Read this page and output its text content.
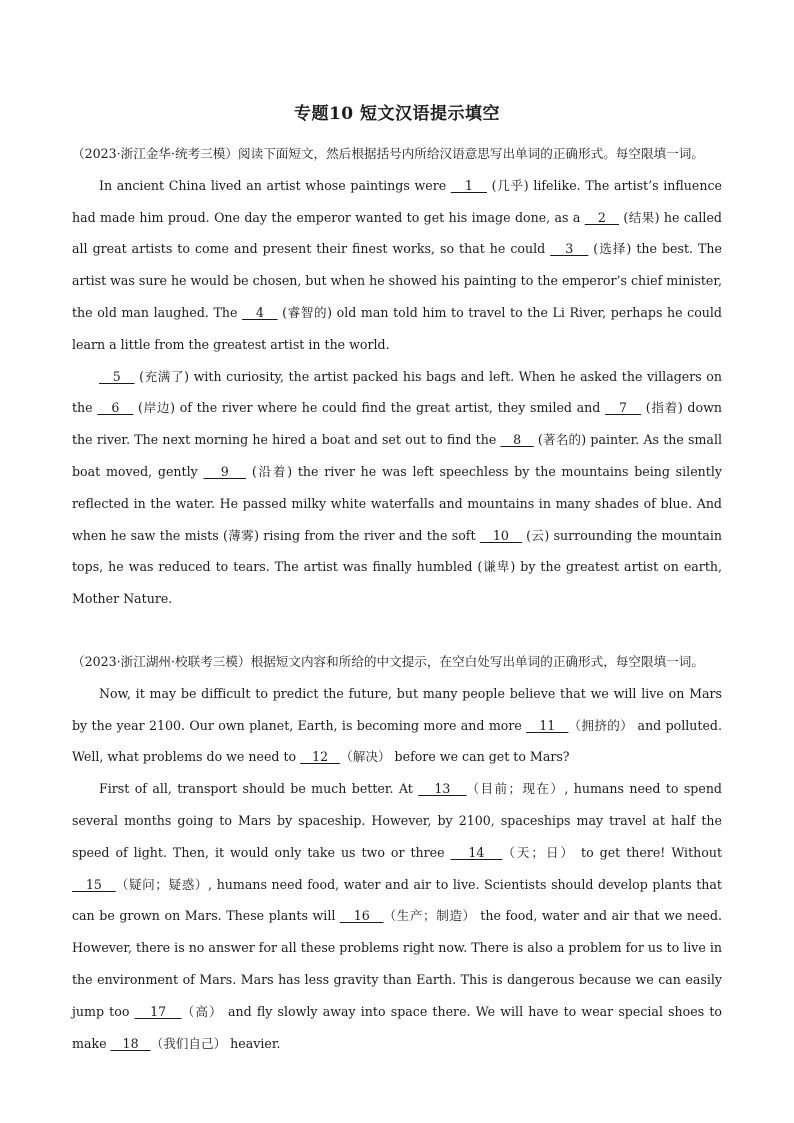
专题10 短文汉语提示填空

（2023·浙江金华·统考三模）阅读下面短文，然后根据括号内所给汉语意思写出单词的正确形式。每空限填一词。

In ancient China lived an artist whose paintings were    1    (几乎) lifelike. The artist’s influence had made him proud. One day the emperor wanted to get his image done, as a    2    (结果) he called all great artists to come and present their finest works, so that he could    3    (选择) the best. The artist was sure he would be chosen, but when he showed his painting to the emperor’s chief minister, the old man laughed. The    4    (睿智的) old man told him to travel to the Li River, perhaps he could learn a little from the greatest artist in the world.

5    (充满了) with curiosity, the artist packed his bags and left. When he asked the villagers on the    6    (岸边) of the river where he could find the great artist, they smiled and    7    (指着) down the river. The next morning he hired a boat and set out to find the    8    (著名的) painter. As the small boat moved, gently    9    (沿着) the river he was left speechless by the mountains being silently reflected in the water. He passed milky white waterfalls and mountains in many shades of blue. And when he saw the mists (薄雾) rising from the river and the soft    10    (云) surrounding the mountain tops, he was reduced to tears. The artist was finally humbled (谦卑) by the greatest artist on earth, Mother Nature.

（2023·浙江湖州·校联考三模）根据短文内容和所给的中文提示，在空白处写出单词的正确形式，每空限填一词。

Now, it may be difficult to predict the future, but many people believe that we will live on Mars by the year 2100. Our own planet, Earth, is becoming more and more    11   （拥挤的） and polluted. Well, what problems do we need to    12   （解决） before we can get to Mars?

First of all, transport should be much better. At    13   （目前；现在）, humans need to spend several months going to Mars by spaceship. However, by 2100, spaceships may travel at half the speed of light. Then, it would only take us two or three    14   （天；日） to get there! Without    15   （疑问；疑惑）, humans need food, water and air to live. Scientists should develop plants that can be grown on Mars. These plants will    16   （生产；制造） the food, water and air that we need. However, there is no answer for all these problems right now. There is also a problem for us to live in the environment of Mars. Mars has less gravity than Earth. This is dangerous because we can easily jump too    17   （高） and fly slowly away into space there. We will have to wear special shoes to make    18   （我们自己） heavier.
